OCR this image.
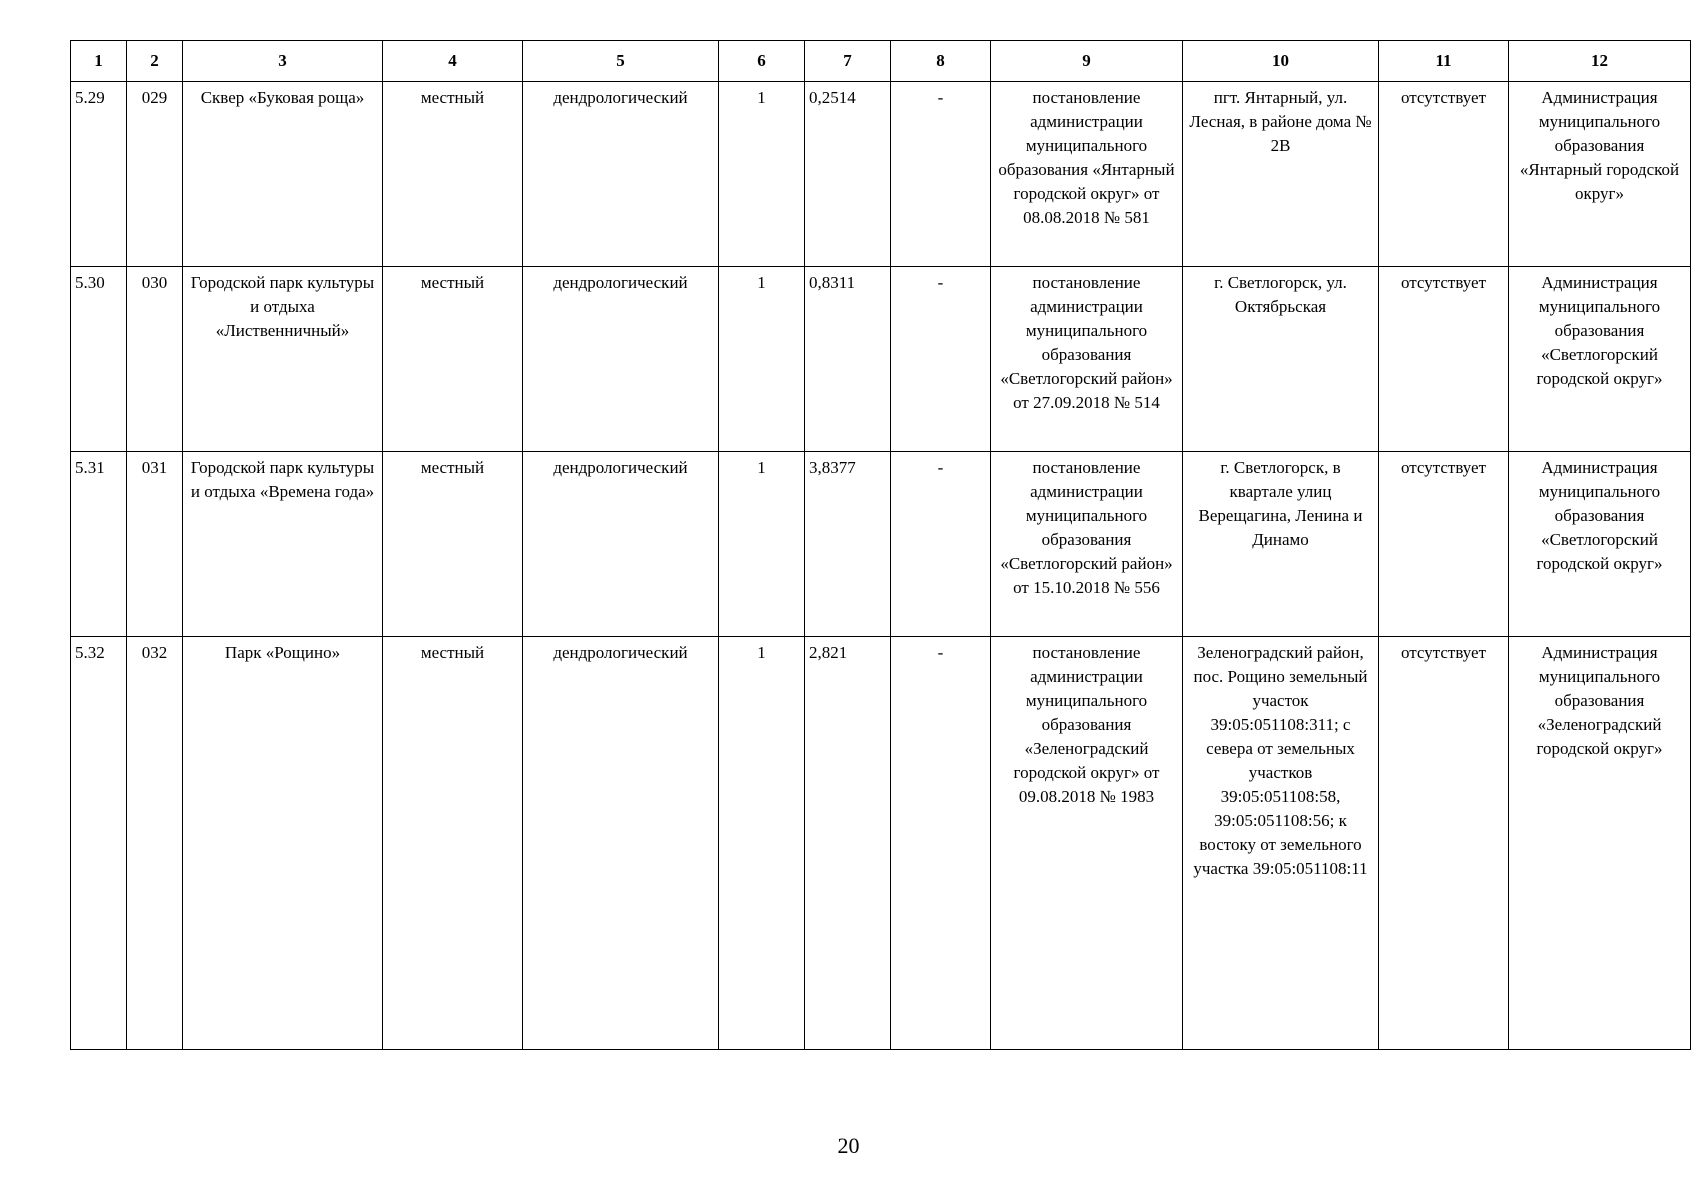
1	2	3	4	5	6	7	8	9	10	11	12
5.29	029	Сквер «Буковая роща»	местный	дендрологический	1	0,2514	-	постановление администрации муниципального образования «Янтарный городской округ» от 08.08.2018 № 581	пгт. Янтарный, ул. Лесная, в районе дома № 2В	отсутствует	Администрация муниципального образования «Янтарный городской округ»
5.30	030	Городской парк культуры и отдыха «Лиственничный»	местный	дендрологический	1	0,8311	-	постановление администрации муниципального образования «Светлогорский район» от 27.09.2018 № 514	г. Светлогорск, ул. Октябрьская	отсутствует	Администрация муниципального образования «Светлогорский городской округ»
5.31	031	Городской парк культуры и отдыха «Времена года»	местный	дендрологический	1	3,8377	-	постановление администрации муниципального образования «Светлогорский район» от 15.10.2018 № 556	г. Светлогорск, в квартале улиц Верещагина, Ленина и Динамо	отсутствует	Администрация муниципального образования «Светлогорский городской округ»
5.32	032	Парк «Рощино»	местный	дендрологический	1	2,821	-	постановление администрации муниципального образования «Зеленоградский городской округ» от 09.08.2018 № 1983	Зеленоградский район, пос. Рощино земельный участок 39:05:051108:311; с севера от земельных участков 39:05:051108:58, 39:05:051108:56; к востоку от земельного участка 39:05:051108:11	отсутствует	Администрация муниципального образования «Зеленоградский городской округ»
20
